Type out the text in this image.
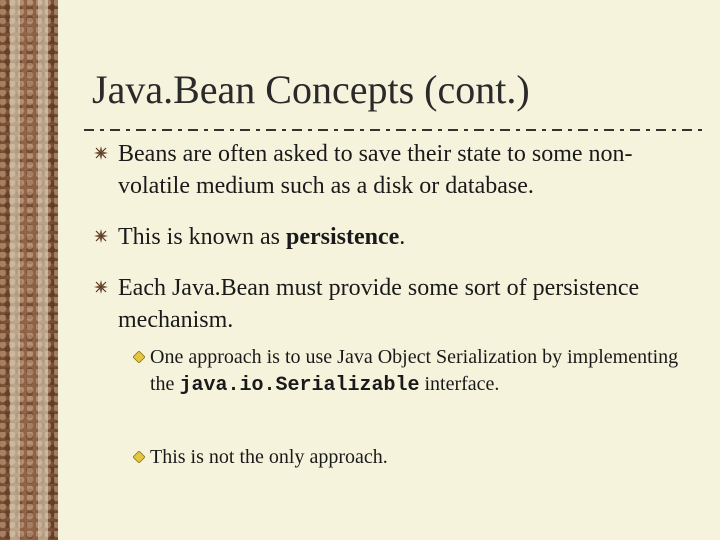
Java.Bean Concepts (cont.)
Beans are often asked to save their state to some non-volatile medium such as a disk or database.
This is known as persistence.
Each Java.Bean must provide some sort of persistence mechanism.
One approach is to use Java Object Serialization by implementing the java.io.Serializable interface.
This is not the only approach.
